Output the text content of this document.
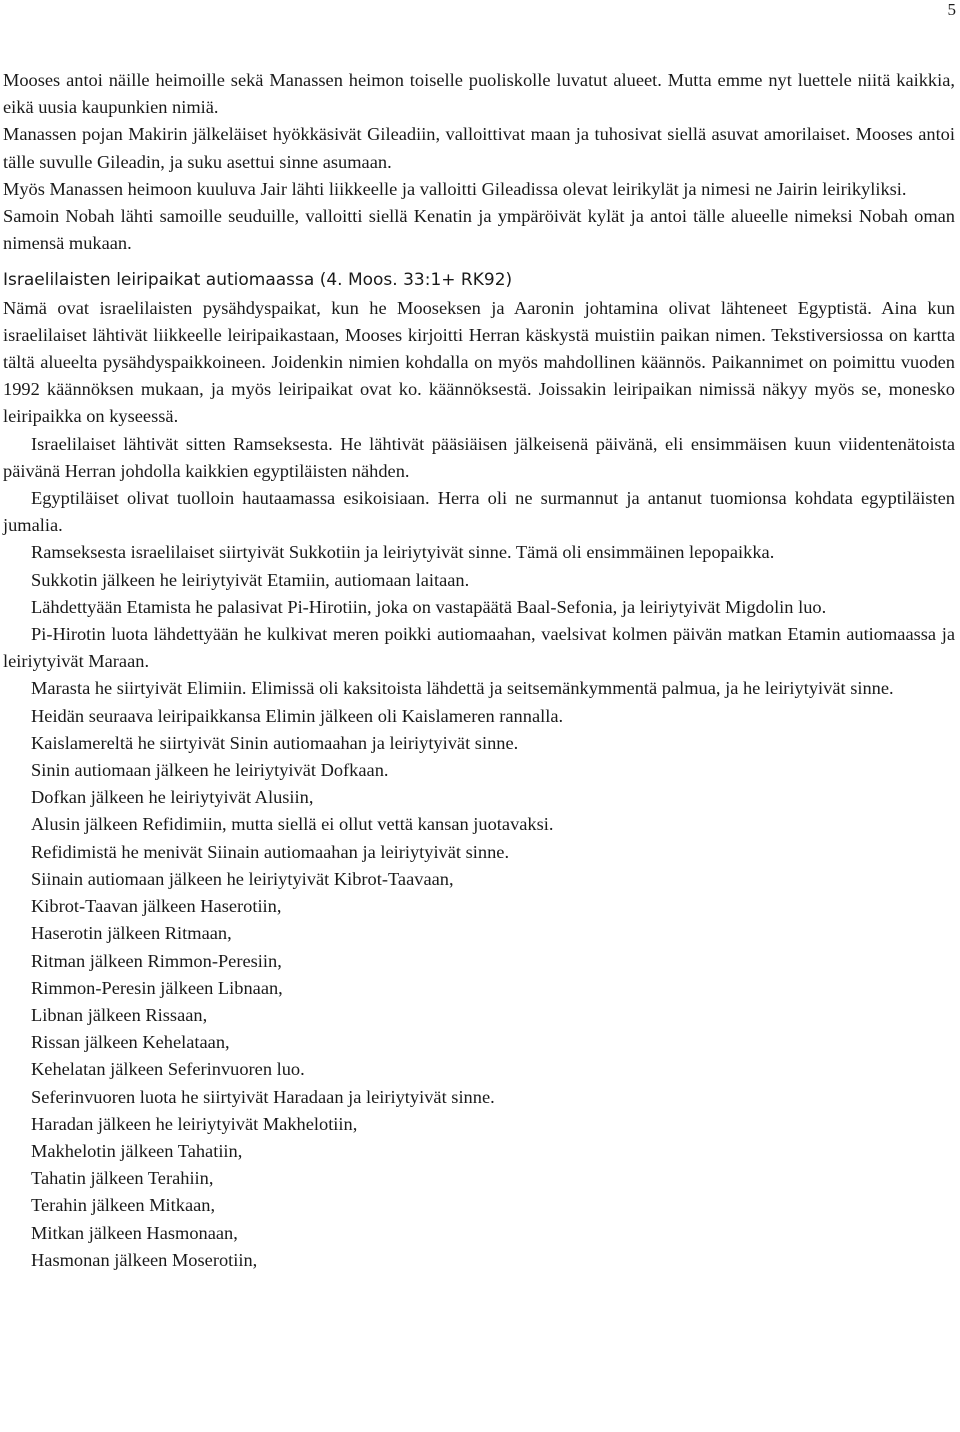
5

Mooses antoi näille heimoille sekä Manassen heimon toiselle puoliskolle luvatut alueet. Mutta emme nyt luettele niitä kaikkia, eikä uusia kaupunkien nimiä.

Manassen pojan Makirin jälkeläiset hyökkäsivät Gileadiin, valloittivat maan ja tuhosivat siellä asuvat amorilaiset. Mooses antoi tälle suvulle Gileadin, ja suku asettui sinne asumaan.

Myös Manassen heimoon kuuluva Jair lähti liikkeelle ja valloitti Gileadissa olevat leirikylät ja nimesi ne Jairin leirikyliksi.

Samoin Nobah lähti samoille seuduille, valloitti siellä Kenatin ja ympäröivät kylät ja antoi tälle alueelle nimeksi Nobah oman nimensä mukaan.

Israelilaisten leiripaikat autiomaassa (4. Moos. 33:1+ RK92)

Nämä ovat israelilaisten pysähdyspaikat, kun he Mooseksen ja Aaronin johtamina olivat lähteneet Egyptistä. Aina kun israelilaiset lähtivät liikkeelle leiripaikastaan, Mooses kirjoitti Herran käskystä muistiin paikan nimen. Tekstiversiossa on kartta tältä alueelta pysähdyspaikkoineen. Joidenkin nimien kohdalla on myös mahdollinen käännös. Paikannimet on poimittu vuoden 1992 käännöksen mukaan, ja myös leiripaikat ovat ko. käännöksestä. Joissakin leiripaikan nimissä näkyy myös se, monesko leiripaikka on kyseessä.

Israelilaiset lähtivät sitten Ramseksesta. He lähtivät pääsiäisen jälkeisenä päivänä, eli ensimmäisen kuun viidentenätoista päivänä Herran johdolla kaikkien egyptiläisten nähden.

Egyptiläiset olivat tuolloin hautaamassa esikoisiaan. Herra oli ne surmannut ja antanut tuomionsa kohdata egyptiläisten jumalia.

Ramseksesta israelilaiset siirtyivät Sukkotiin ja leiriytyivät sinne. Tämä oli ensimmäinen lepopaikka.

Sukkotin jälkeen he leiriytyivät Etamiin, autiomaan laitaan.

Lähdettyään Etamista he palasivat Pi-Hirotiin, joka on vastapäätä Baal-Sefonia, ja leiriytyivät Migdolin luo.

Pi-Hirotin luota lähdettyään he kulkivat meren poikki autiomaahan, vaelsivat kolmen päivän matkan Etamin autiomaassa ja leiriytyivät Maraan.

Marasta he siirtyivät Elimiin. Elimissä oli kaksitoista lähdettä ja seitsemänkymmentä palmua, ja he leiriytyivät sinne.

Heidän seuraava leiripaikkansa Elimin jälkeen oli Kaislameren rannalla.

Kaislamereltä he siirtyivät Sinin autiomaahan ja leiriytyivät sinne.

Sinin autiomaan jälkeen he leiriytyivät Dofkaan.

Dofkan jälkeen he leiriytyivät Alusiin,

Alusin jälkeen Refidimiin, mutta siellä ei ollut vettä kansan juotavaksi.

Refidimistä he menivät Siinain autiomaahan ja leiriytyivät sinne.

Siinain autiomaan jälkeen he leiriytyivät Kibrot-Taavaan,

Kibrot-Taavan jälkeen Haserotiin,

Haserotin jälkeen Ritmaan,

Ritman jälkeen Rimmon-Peresiin,

Rimmon-Peresin jälkeen Libnaan,

Libnan jälkeen Rissaan,

Rissan jälkeen Kehelataan,

Kehelatan jälkeen Seferinvuoren luo.

Seferinvuoren luota he siirtyivät Haradaan ja leiriytyivät sinne.

Haradan jälkeen he leiriytyivät Makhelotiin,

Makhelotin jälkeen Tahatiin,

Tahatin jälkeen Terahiin,

Terahin jälkeen Mitkaan,

Mitkan jälkeen Hasmonaan,

Hasmonan jälkeen Moserotiin,
